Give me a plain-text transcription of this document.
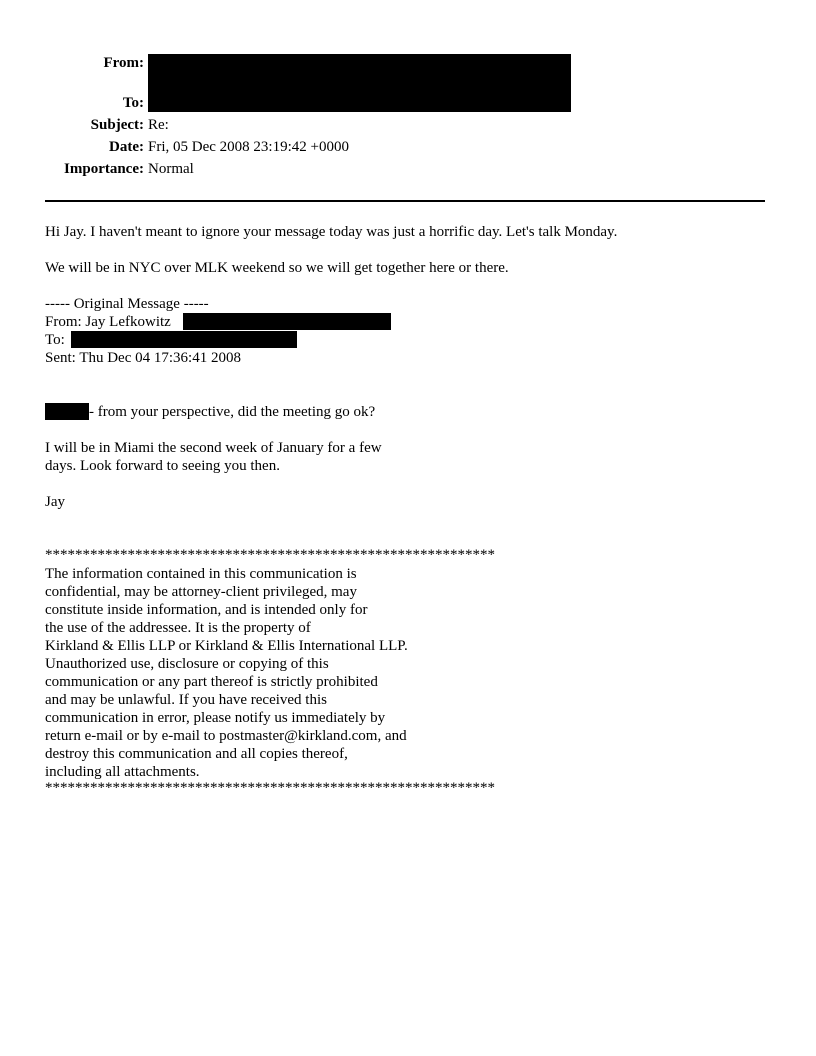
From:
To:
Subject: Re:
Date: Fri, 05 Dec 2008 23:19:42 +0000
Importance: Normal
Hi Jay. I haven't meant to ignore your message today was just a horrific day. Let's talk Monday.
We will be in NYC over MLK weekend so we will get together here or there.
----- Original Message -----
From: Jay Lefkowitz
To:
Sent: Thu Dec 04 17:36:41 2008
- from your perspective, did the meeting go ok?
I will be in Miami the second week of January for a few
days. Look forward to seeing you then.
Jay
************************************************************
The information contained in this communication is
confidential, may be attorney-client privileged, may
constitute inside information, and is intended only for
the use of the addressee. It is the property of
Kirkland & Ellis LLP or Kirkland & Ellis International LLP.
Unauthorized use, disclosure or copying of this
communication or any part thereof is strictly prohibited
and may be unlawful. If you have received this
communication in error, please notify us immediately by
return e-mail or by e-mail to postmaster@kirkland.com, and
destroy this communication and all copies thereof,
including all attachments.
************************************************************
